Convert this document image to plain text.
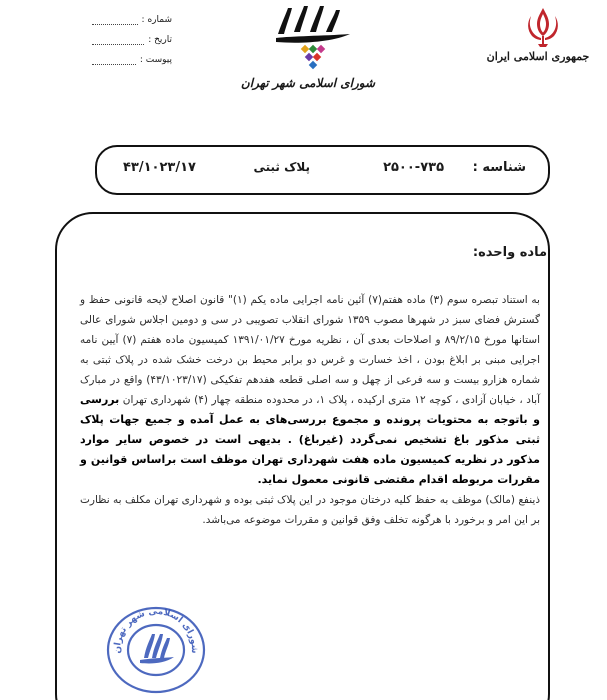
جمهوری اسلامی ایران
شورای اسلامی شهر تهران
شماره :
تاریخ :
پیوست :
شناسه :
۲۵۰۰-۷۳۵
پلاک ثبتی
۴۳/۱۰۲۳/۱۷
ماده واحده:

به استناد تبصره سوم (۳) ماده هفتم(۷) آئین نامه اجرایی ماده یکم (۱)" قانون اصلاح لایحه قانونی حفظ و گسترش فضای سبز در شهرها مصوب ۱۳۵۹ شورای انقلاب تصویبی در سی و دومین اجلاس شورای عالی استانها مورخ ۸۹/۲/۱۵ و اصلاحات بعدی آن ، نظریه مورخ ۱۳۹۱/۰۱/۲۷ کمیسیون ماده هفتم (۷) آیین نامه اجرایی مبنی بر ابلاغ بودن ، اخذ خسارت و غرس دو برابر محیط بن درخت خشک شده در پلاک ثبتی به شماره هزارو بیست و سه فرعی از چهل و سه اصلی قطعه هفدهم تفکیکی (۴۳/۱۰۲۳/۱۷) واقع در مبارک آباد ، خیابان آزادی ، کوچه ۱۲ متری ارکیده ، پلاک ۱، در محدوده منطقه چهار (۴) شهرداری تهران بررسی و باتوجه به محتویات پرونده و مجموع بررسی‌های به عمل آمده و جمیع جهات پلاک ثبتی مذکور باغ تشخیص نمی‌گردد (غیرباغ) . بدیهی است در خصوص سایر موارد مذکور در نظریه کمیسیون ماده هفت شهرداری تهران موظف است براساس قوانین و مقررات مربوطه اقدام مقتضی قانونی معمول نماید.

ذینفع (مالک) موظف به حفظ کلیه درختان موجود در این پلاک ثبتی بوده و شهرداری تهران مکلف به نظارت بر این امر و برخورد با هرگونه تخلف وفق قوانین و مقررات موضوعه می‌باشد.

شورای اسلامی شهر تهران
